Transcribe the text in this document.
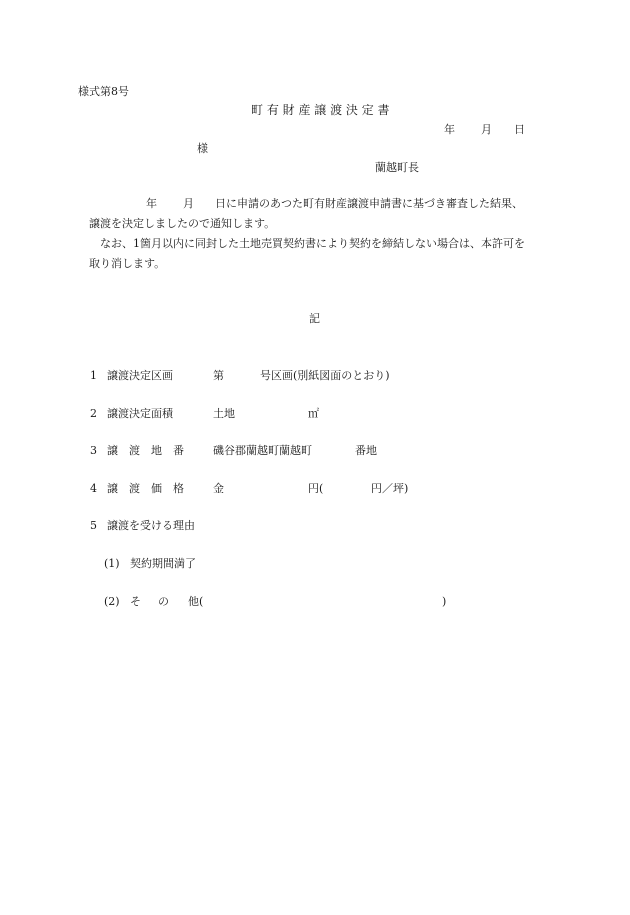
様式第8号
町 有 財 産 譲 渡 決 定 書
年 月 日
様
蘭越町長
年 月 日に申請のあつた町有財産譲渡申請書に基づき審査した結果、
譲渡を決定しましたので通知します。
なお、1箇月以内に同封した土地売買契約書により契約を締結しない場合は、本許可を
取り消します。
記
1 譲渡決定区画	第	号区画(別紙図面のとおり)
2 譲渡決定面積	土地	㎡
3 譲　渡　地　番	磯谷郡蘭越町蘭越町	番地
4 譲　渡　価　格	金	円(	円／坪)
5 譲渡を受ける理由
(1) 契約期間満了
(2) そ の 他(	)
